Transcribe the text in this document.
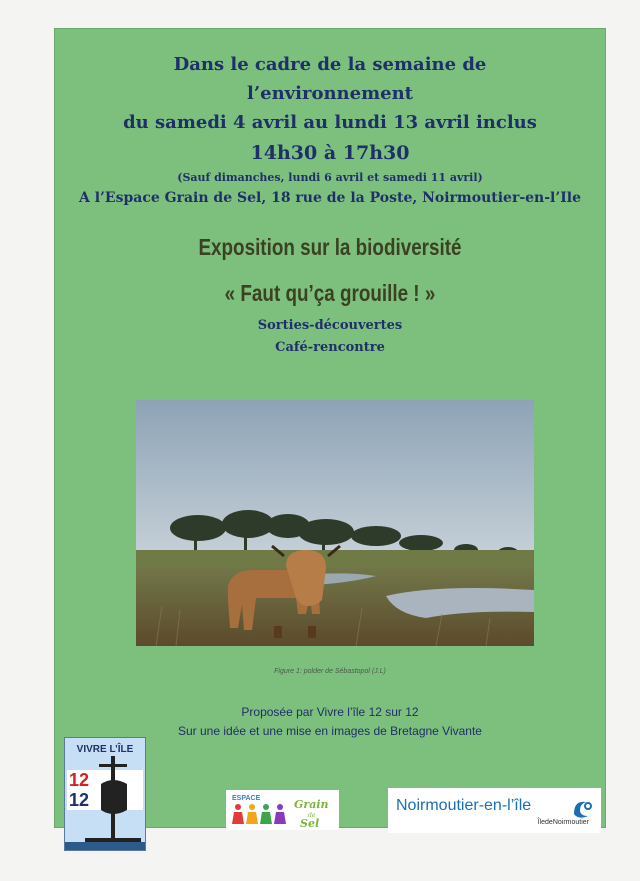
Dans le cadre de la semaine de
l’environnement
du samedi 4 avril au lundi 13 avril inclus
14h30 à 17h30
(Sauf dimanches, lundi 6 avril et samedi 11 avril)
A l’Espace Grain de Sel, 18 rue de la Poste, Noirmoutier-en-l’Ile
Exposition sur la biodiversité
« Faut qu’ça grouille ! »
Sorties-découvertes
Café-rencontre
Figure 1: polder de Sébastopol (J.L)
Proposée par Vivre l’île 12 sur 12
Sur une idée et une mise en images de Bretagne Vivante
VIVRE L’ÎLE
12
12	ESPACE	Grain
de
Sel
Noirmoutier-en-l’île
ÎledeNoirmoutier
